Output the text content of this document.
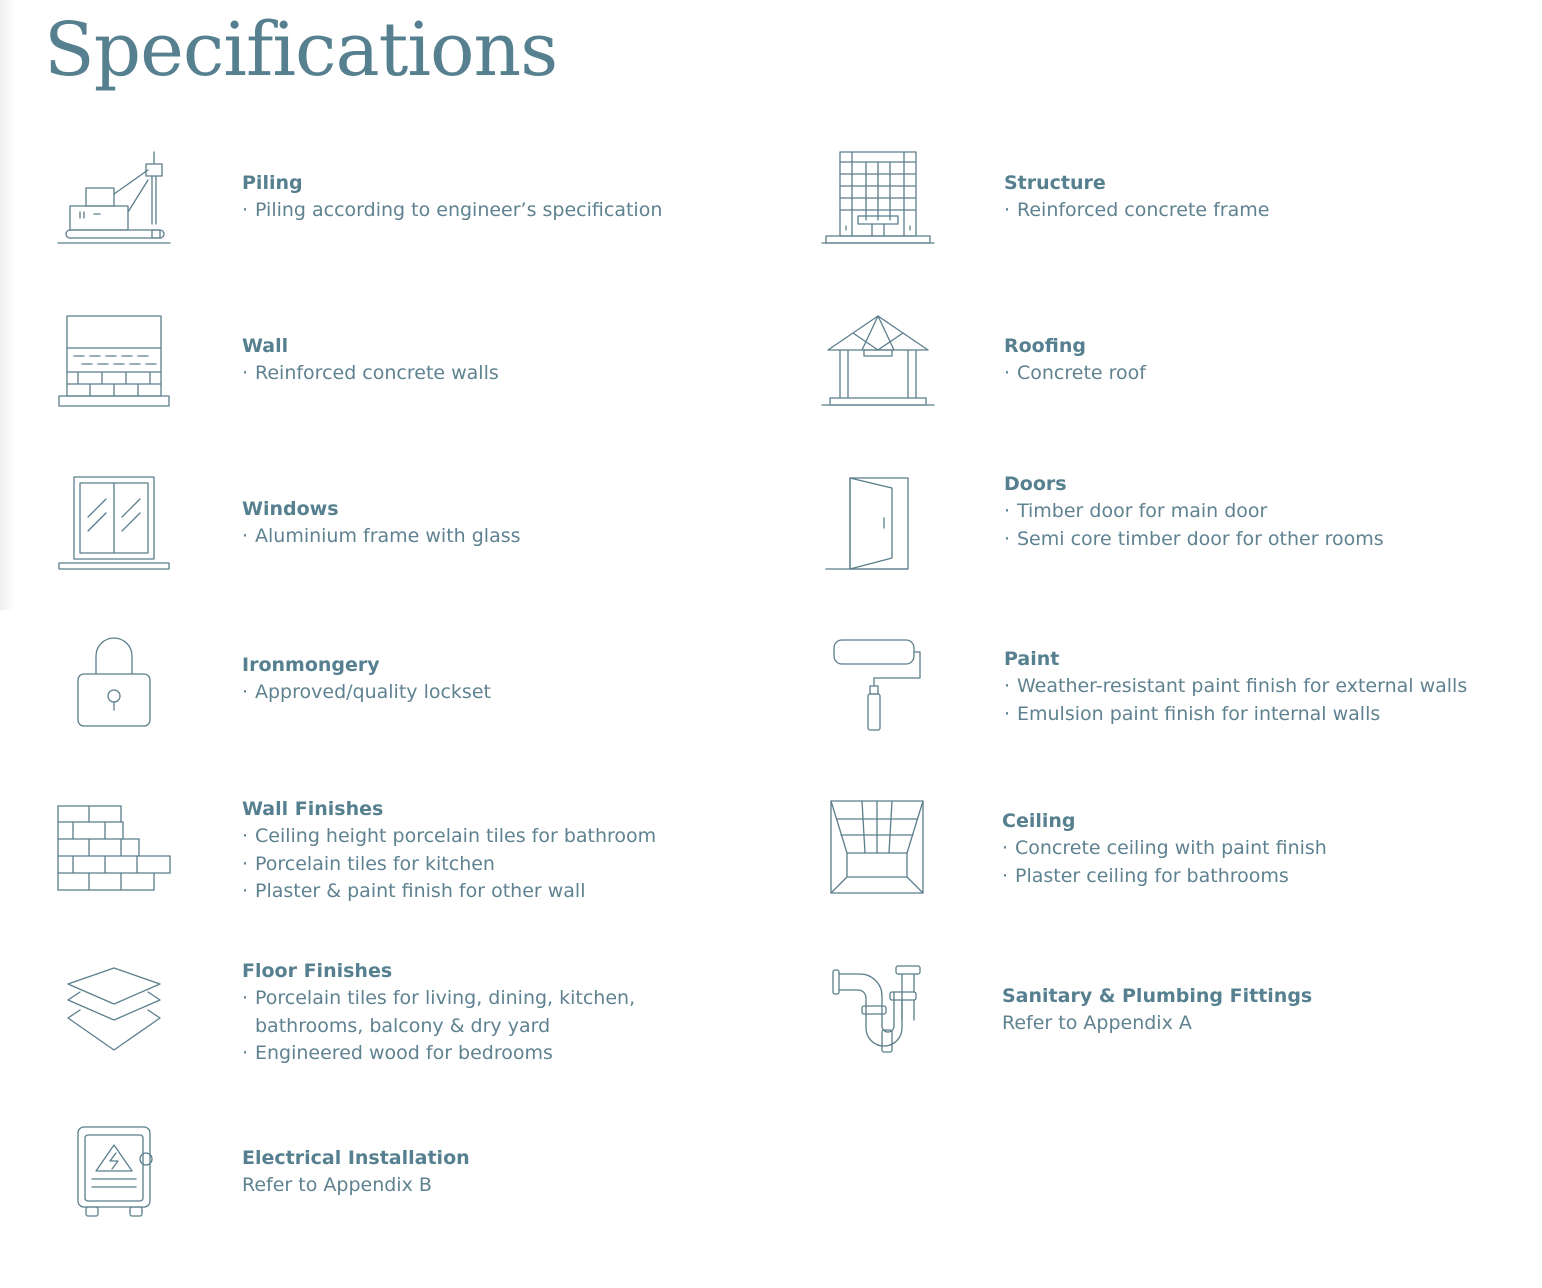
Specifications
Piling
· Piling according to engineer’s specification
Wall
· Reinforced concrete walls
Windows
· Aluminium frame with glass
Ironmongery
· Approved/quality lockset
Wall Finishes
· Ceiling height porcelain tiles for bathroom
· Porcelain tiles for kitchen
· Plaster & paint finish for other wall
Floor Finishes
· Porcelain tiles for living, dining, kitchen,
bathrooms, balcony & dry yard
· Engineered wood for bedrooms
Electrical Installation
Refer to Appendix B
Structure
· Reinforced concrete frame
Roofing
· Concrete roof
Doors
· Timber door for main door
· Semi core timber door for other rooms
Paint
· Weather-resistant paint finish for external walls
· Emulsion paint finish for internal walls
Ceiling
· Concrete ceiling with paint finish
· Plaster ceiling for bathrooms
Sanitary & Plumbing Fittings
Refer to Appendix A
